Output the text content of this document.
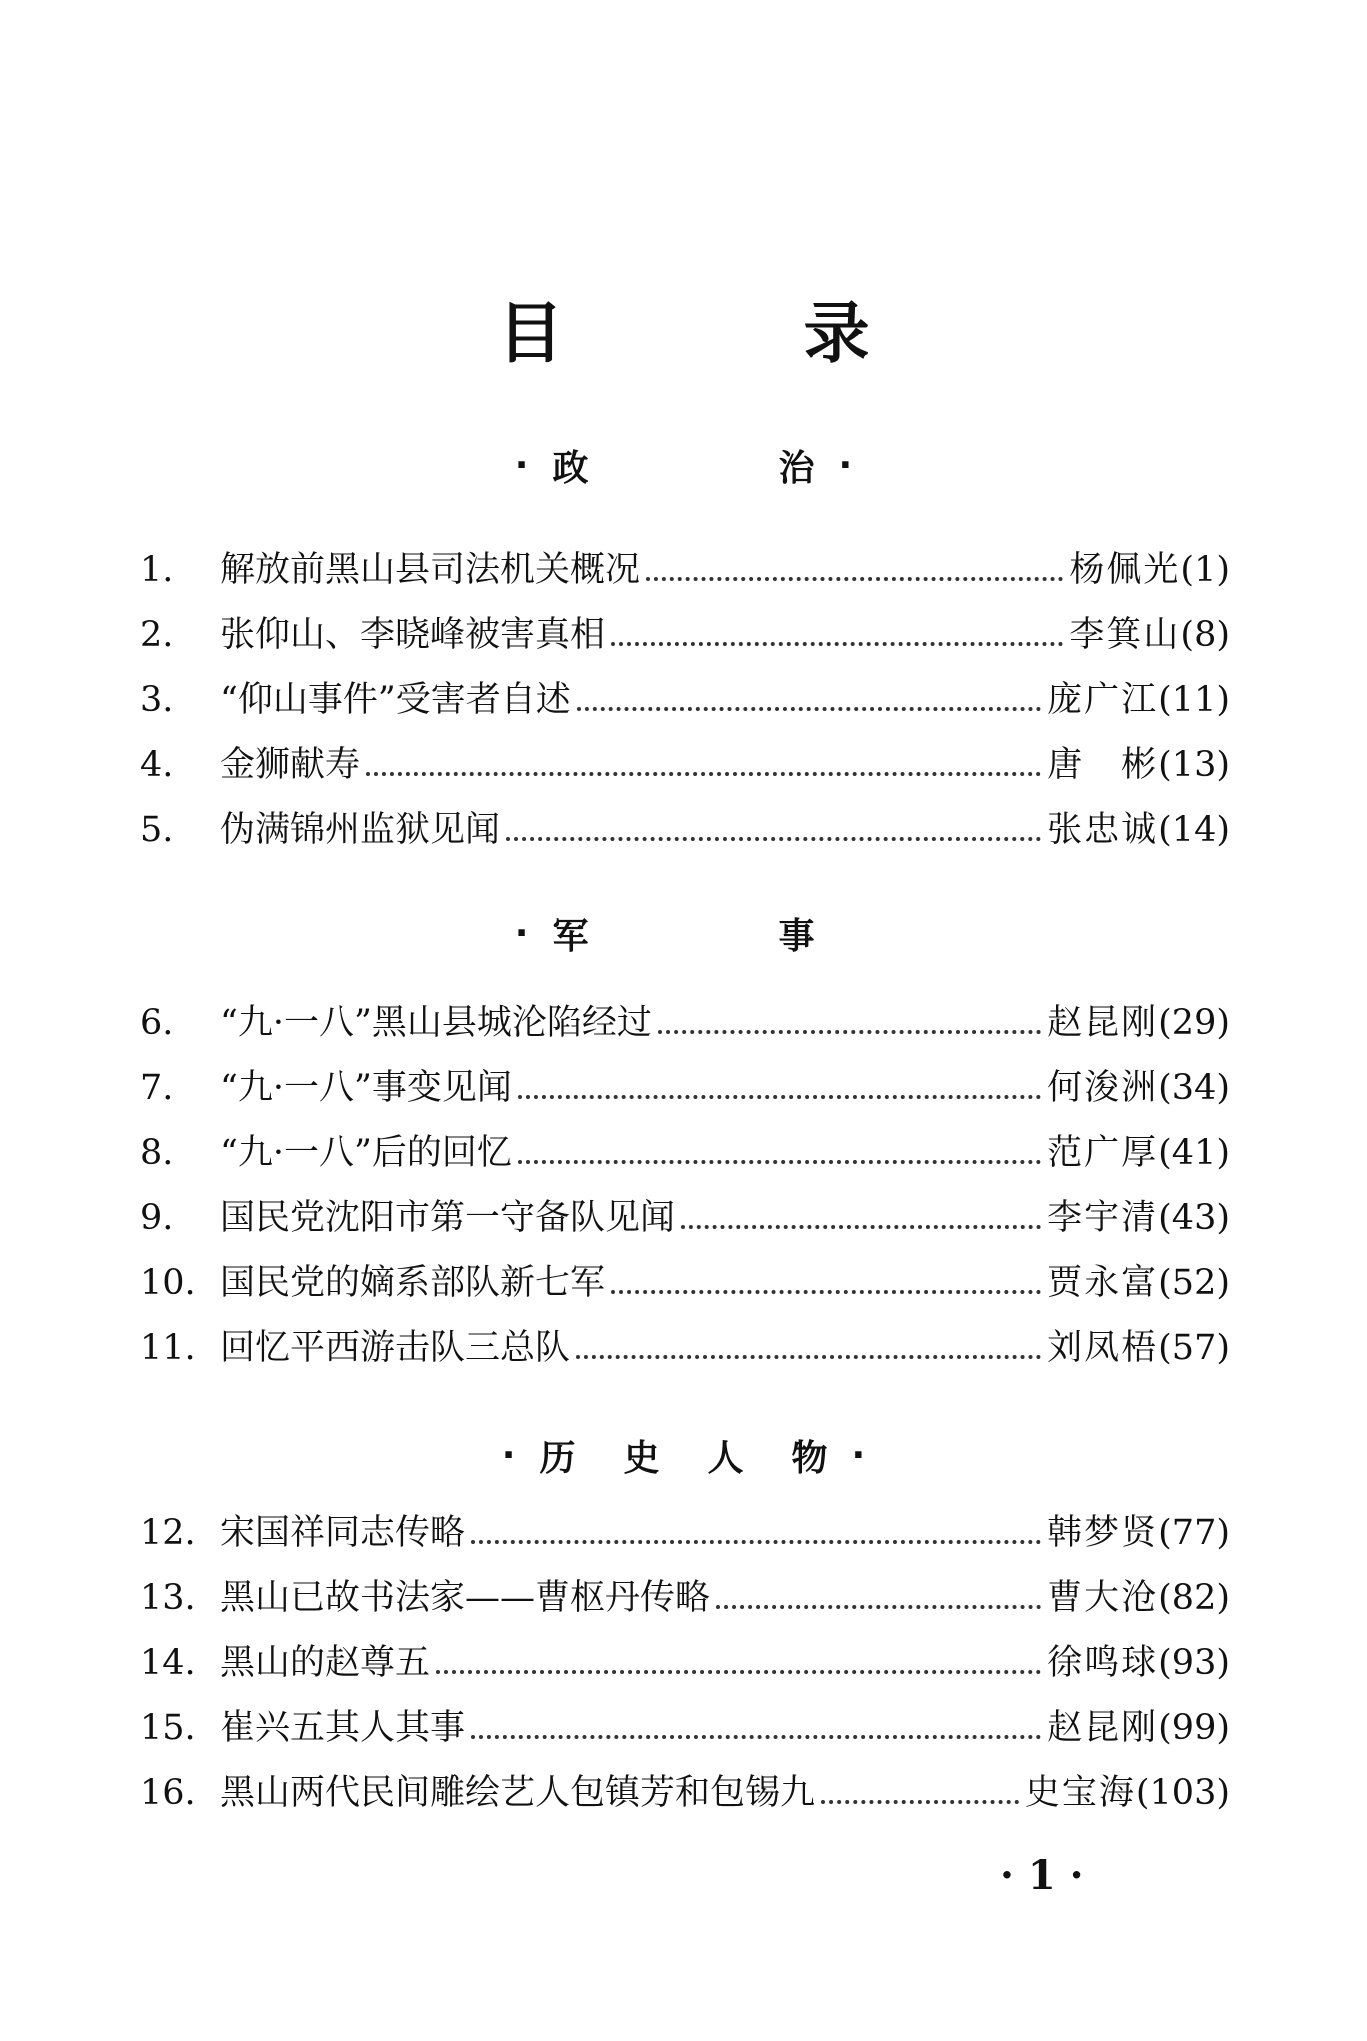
目	录
· 政	治 ·
1.	解放前黑山县司法机关概况	杨佩光 (1)
2.	张仰山、李晓峰被害真相	李箕山 (8)
3.	“仰山事件”受害者自述	庞广江 (11)
4.	金狮献寿	唐　彬 (13)
5.	伪满锦州监狱见闻	张忠诚 (14)
· 军	事
6.	“九·一八”黑山县城沦陷经过	赵昆刚 (29)
7.	“九·一八”事变见闻	何浚洲 (34)
8.	“九·一八”后的回忆	范广厚 (41)
9.	国民党沈阳市第一守备队见闻	李宇清 (43)
10. 国民党的嫡系部队新七军	贾永富 (52)
11. 回忆平西游击队三总队	刘凤梧 (57)
· 历 史 人 物 ·
12. 宋国祥同志传略	韩梦贤 (77)
13. 黑山已故书法家——曹枢丹传略	曹大沧 (82)
14. 黑山的赵尊五	徐鸣球 (93)
15. 崔兴五其人其事	赵昆刚 (99)
16. 黑山两代民间雕绘艺人包镇芳和包锡九	史宝海 (103)
· 1 ·
